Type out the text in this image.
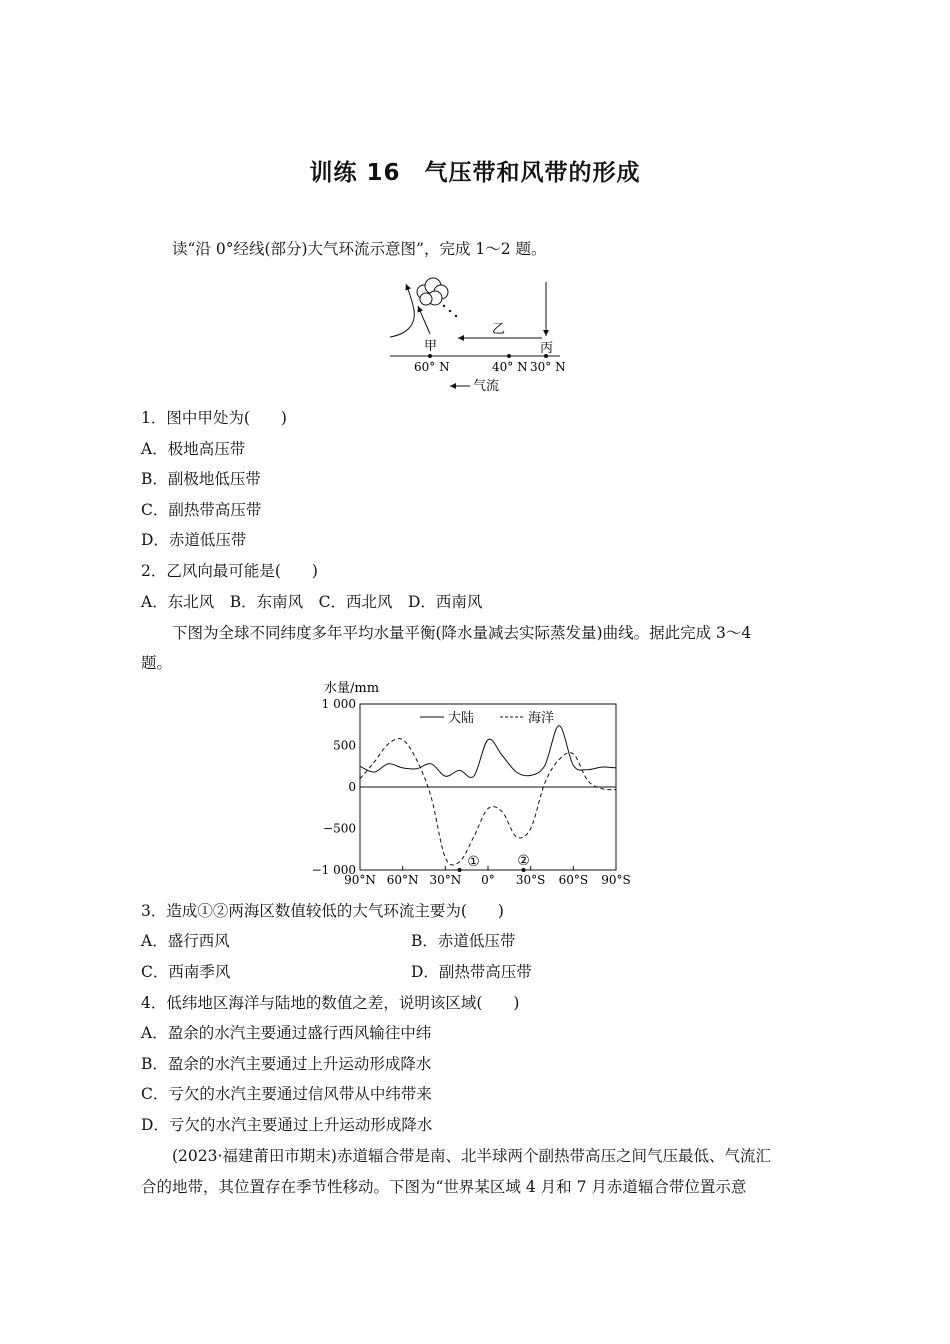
训练 16　气压带和风带的形成
读“沿 0°经线(部分)大气环流示意图”，完成 1～2 题。
甲
乙
丙
60° N	40° N 30° N
气流
1．图中甲处为(　　)
A．极地高压带
B．副极地低压带
C．副热带高压带
D．赤道低压带
2．乙风向最可能是(　　)
A．东北风　B．东南风　C．西北风　D．西南风
下图为全球不同纬度多年平均水量平衡(降水量减去实际蒸发量)曲线。据此完成 3～4
题。
水量/mm
1 000
500
0
−500
−1 000
90°N 60°N 30°N 0° 30°S 60°S 90°S
大陆	海洋
①	②
3．造成①②两海区数值较低的大气环流主要为(　　)
A．盛行西风	B．赤道低压带
C．西南季风	D．副热带高压带
4．低纬地区海洋与陆地的数值之差，说明该区域(　　)
A．盈余的水汽主要通过盛行西风输往中纬
B．盈余的水汽主要通过上升运动形成降水
C．亏欠的水汽主要通过信风带从中纬带来
D．亏欠的水汽主要通过上升运动形成降水
(2023·福建莆田市期末)赤道辐合带是南、北半球两个副热带高压之间气压最低、气流汇
合的地带，其位置存在季节性移动。下图为“世界某区域 4 月和 7 月赤道辐合带位置示意
